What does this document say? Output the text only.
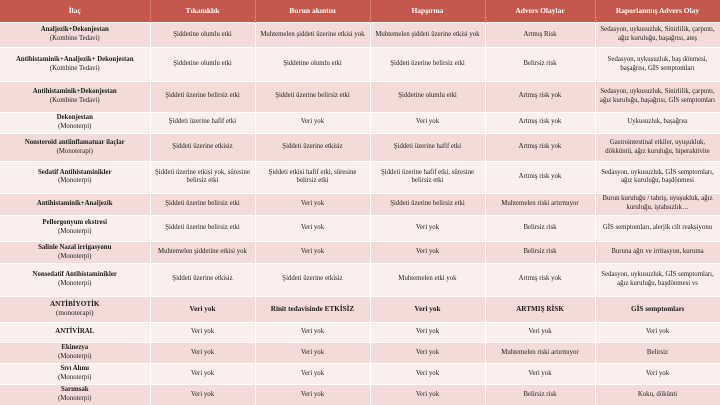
İlaç	Tıkanıklık	Burun akıntısı	Hapşırma	Advers Olaylar	Raporlanmış Advers Olay
Analjezik+Dekonjestan
(Kombine Tedavi)	Şiddetine olumlu etki	Muhtemelen şiddeti üzerine etkisi yok	Muhtemelen şiddeti üzerine etkisi yok	Artmış Risk	Sedasyon, uykusuzluk, Sinirlilik, çarpıntı, ağız kuruluğu, başağrısı, ateş
Antihistaminik+Analjezik+ Dekonjestan
(Kombine Tedavi)	Şiddetine olumlu etki	Şiddetine olumlu etki	Şiddeti üzerine belirsiz etki	Belirsiz risk	Sedasyon, uykusuzluk, baş dönmesi, başağrısı, GİS semptomları
Antihistaminik+Dekonjestan
(Kombine Tedavi)	Şiddeti üzerine belirsiz etki	Şiddeti üzerine belirsiz etki	Şiddetine olumlu etki	Artmış risk yok	Sedasyon, uykusuzluk, Sinirlilik, çarpıntı, ağız kuruluğu, başağrısı, GİS semptomları
Dekonjestan
(Monoterpi)	Şiddeti üzerine hafif etki	Veri yok	Veri yok	Artmış risk yok	Uykusuzluk, başağrısı
Nonsteroid antiinflamatuar ilaçlar
(Monoterapi)	Şiddeti üzerine etkisiz	Şiddeti üzerine etkisiz	Şiddeti üzerine hafif etki	Artmış risk yok	Gastrointestinal etkiler, uyuşukluk, dökküntü, ağız kuruluğu, hiperaktivite
Sedatif Antihistaminikler
(Monoterpi)	Şiddeti üzerine etkisi yok, süresine belirsiz etki	Şiddeti etkisi hafif etki, süresine belirsiz etki	Şiddeti üzerine hafif etki, süresine belirsiz etki	Artmış risk yok	Sedasyon, uykusuzluk, GİS semptomları, ağız kuruluğu, başdönmesi
Antihistaminik+Analjezik	Şiddeti üzerine belirsiz etki	Veri yok	Şiddeti üzerine belirsiz etki	Muhtemelen riski artırmıyor	Burun kuruluğu / tahriş, uyuşukluk, ağız kuruluğu, iştahsızlık…
Pellorgonyum ekstresi
(Monoterpi)	Şiddeti üzerine belirsiz etki	Veri yok	Veri yok	Belirsiz risk	GİS semptomları, alerjik cilt reaksiyonu
Salinle Nazal irrigasyonu
(Monoterpi)	Muhtemelen şiddetine etkisi yok	Veri yok	Veri yok	Belirsiz risk	Buruna ağrı ve irritasyon, kuruma
Nonsedatif Antihistaminikler
(Monoterpi)	Şiddeti üzerine etkisiz	Şiddeti üzerine etkisiz	Muhtemelen etki yok	Artmış risk yok	Sedasyon, uykusuzluk, GİS semptomları, ağız kuruluğu, başdönmesi vs
ANTİBİYOTİK
(monoterapi)	Veri yok	Rinit tedavisinde ETKİSİZ	Veri yok	ARTMIŞ RİSK	GİS semptomları
ANTİVİRAL	Veri yok	Veri yok	Veri yok	Veri yok	Veri yok
Ekinezya
(Monoterpi)	Veri yok	Veri yok	Veri yok	Muhtemelen riski artırmıyor	Belirsiz
Sıvı Alımı
(Monoterpi)	Veri yok	Veri yok	Veri yok	Veri yok	Veri yok
Sarımsak
(Monoterpi)	Veri yok	Veri yok	Veri yok	Belirsiz risk	Koku, dökünti
